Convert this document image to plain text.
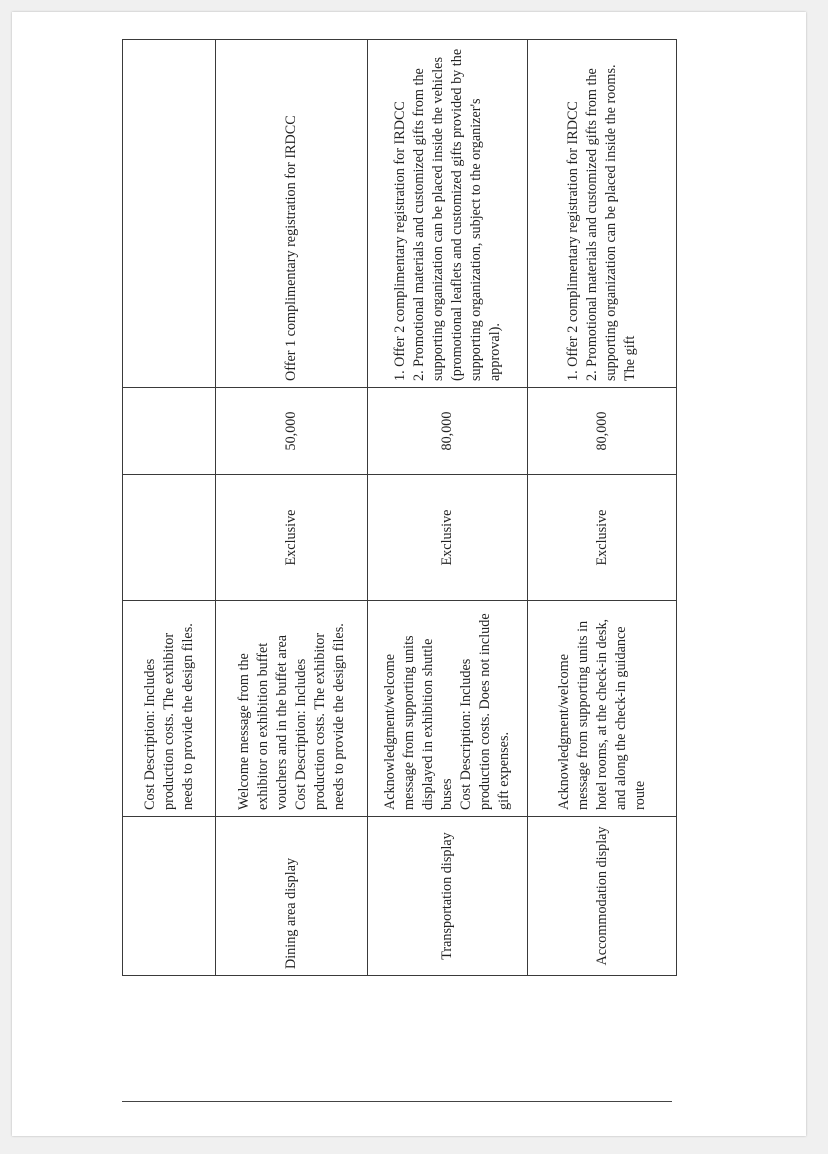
	Cost Description: Includes production costs. The exhibitor needs to provide the design files.			

Dining area display	Welcome message from the exhibitor on exhibition buffet vouchers and in the buffet area Cost Description: Includes production costs. The exhibitor needs to provide the design files.	Exclusive	50,000	Offer 1 complimentary registration for IRDCC

Transportation display	Acknowledgment/welcome message from supporting units displayed in exhibition shuttle buses Cost Description: Includes production costs. Does not include gift expenses.	Exclusive	80,000	1. Offer 2 complimentary registration for IRDCC 2. Promotional materials and customized gifts from the supporting organization can be placed inside the vehicles (promotional leaflets and customized gifts provided by the supporting organization, subject to the organizer's approval).

Accommodation display	Acknowledgment/welcome message from supporting units in hotel rooms, at the check-in desk, and along the check-in guidance route	Exclusive	80,000	1. Offer 2 complimentary registration for IRDCC 2. Promotional materials and customized gifts from the supporting organization can be placed inside the rooms. The gift
